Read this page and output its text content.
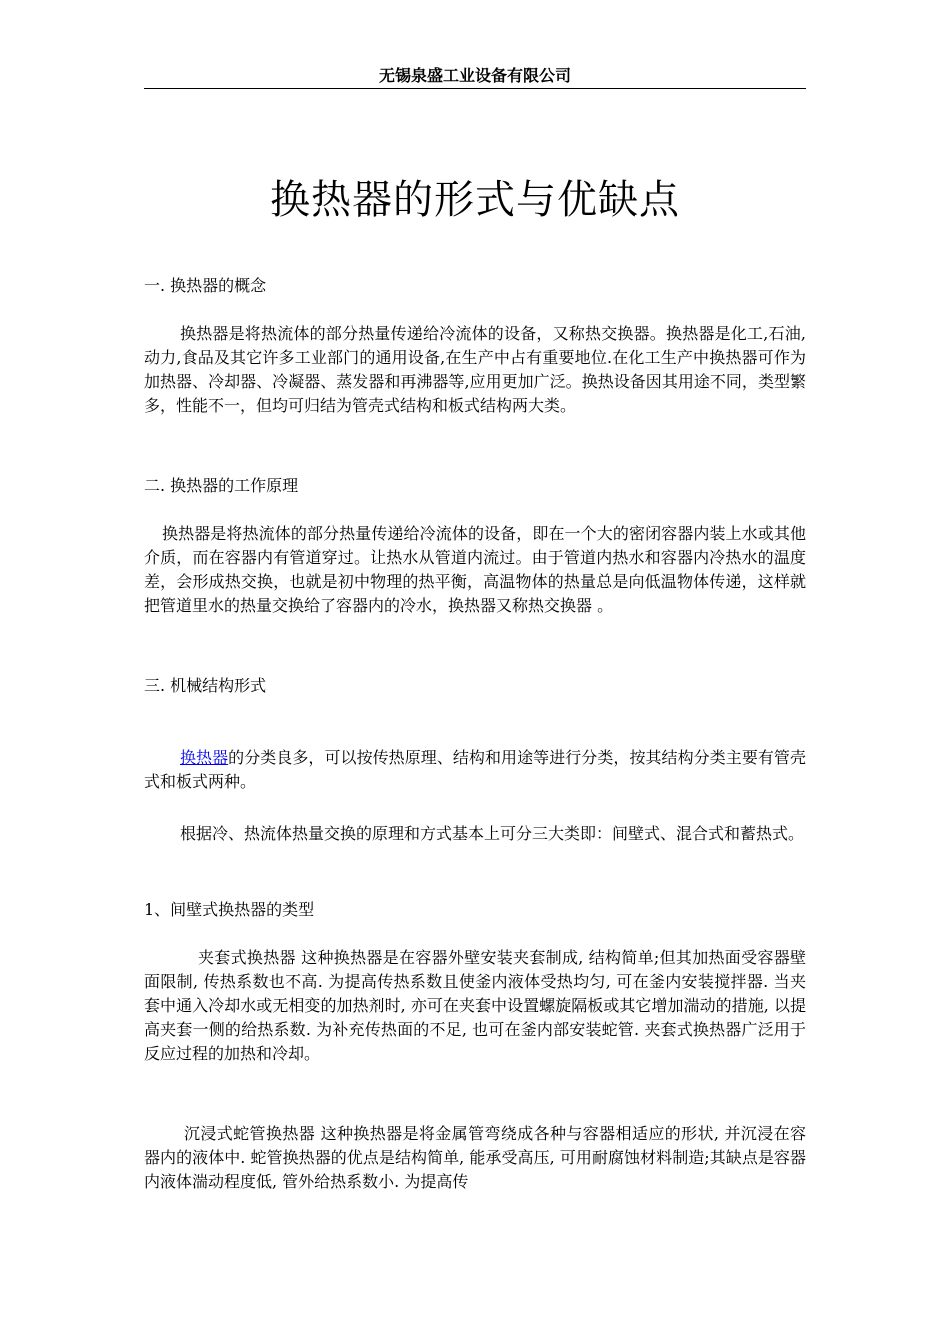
无锡泉盛工业设备有限公司
换热器的形式与优缺点

一. 换热器的概念

换热器是将热流体的部分热量传递给冷流体的设备，又称热交换器。换热器是化工,石油,动力,食品及其它许多工业部门的通用设备,在生产中占有重要地位.在化工生产中换热器可作为加热器、冷却器、冷凝器、蒸发器和再沸器等,应用更加广泛。换热设备因其用途不同，类型繁多，性能不一，但均可归结为管壳式结构和板式结构两大类。

二. 换热器的工作原理

换热器是将热流体的部分热量传递给冷流体的设备，即在一个大的密闭容器内装上水或其他介质，而在容器内有管道穿过。让热水从管道内流过。由于管道内热水和容器内冷热水的温度差，会形成热交换，也就是初中物理的热平衡，高温物体的热量总是向低温物体传递，这样就把管道里水的热量交换给了容器内的冷水，换热器又称热交换器 。

三. 机械结构形式

换热器的分类良多，可以按传热原理、结构和用途等进行分类，按其结构分类主要有管壳式和板式两种。

根据冷、热流体热量交换的原理和方式基本上可分三大类即：间壁式、混合式和蓄热式。

1、间壁式换热器的类型

夹套式换热器 这种换热器是在容器外壁安装夹套制成, 结构简单;但其加热面受容器壁面限制, 传热系数也不高. 为提高传热系数且使釜内液体受热均匀, 可在釜内安装搅拌器. 当夹套中通入冷却水或无相变的加热剂时, 亦可在夹套中设置螺旋隔板或其它增加湍动的措施, 以提高夹套一侧的给热系数. 为补充传热面的不足, 也可在釜内部安装蛇管. 夹套式换热器广泛用于反应过程的加热和冷却。

沉浸式蛇管换热器 这种换热器是将金属管弯绕成各种与容器相适应的形状, 并沉浸在容器内的液体中. 蛇管换热器的优点是结构简单, 能承受高压, 可用耐腐蚀材料制造;其缺点是容器内液体湍动程度低, 管外给热系数小. 为提高传
